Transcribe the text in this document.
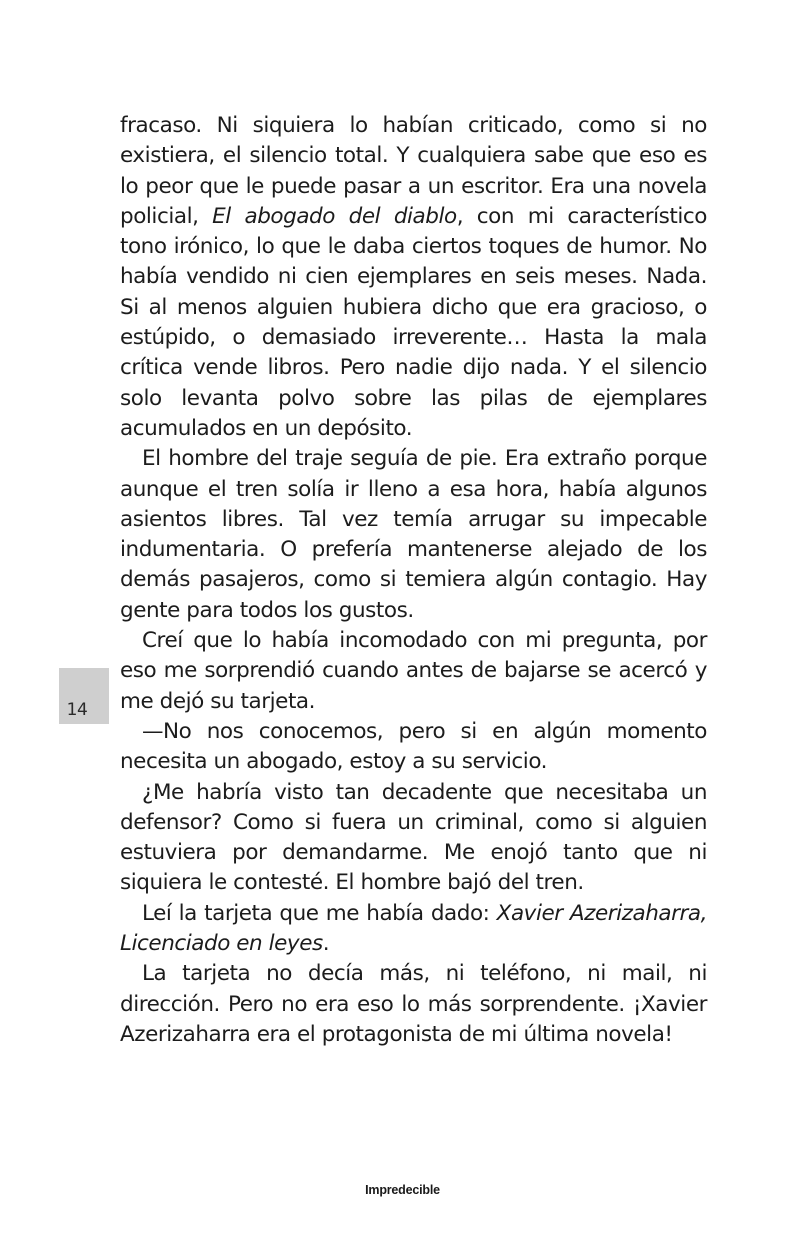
fracaso. Ni siquiera lo habían criticado, como si no existiera, el silencio total. Y cualquiera sabe que eso es lo peor que le puede pasar a un escritor. Era una novela policial, El abogado del diablo, con mi característico tono irónico, lo que le daba ciertos toques de humor. No había vendido ni cien ejemplares en seis meses. Nada. Si al menos alguien hubiera dicho que era gracioso, o estúpido, o demasiado irreverente… Hasta la mala crítica vende libros. Pero nadie dijo nada. Y el silencio solo levanta polvo sobre las pilas de ejemplares acumulados en un depósito.

El hombre del traje seguía de pie. Era extraño porque aunque el tren solía ir lleno a esa hora, había algunos asientos libres. Tal vez temía arrugar su impecable indumentaria. O prefería mantenerse alejado de los demás pasajeros, como si temiera algún contagio. Hay gente para todos los gustos.

Creí que lo había incomodado con mi pregunta, por eso me sorprendió cuando antes de bajarse se acercó y me dejó su tarjeta.

—No nos conocemos, pero si en algún momento necesita un abogado, estoy a su servicio.

¿Me habría visto tan decadente que necesitaba un defensor? Como si fuera un criminal, como si alguien estuviera por demandarme. Me enojó tanto que ni siquiera le contesté. El hombre bajó del tren.

Leí la tarjeta que me había dado: Xavier Azerizaharra, Licenciado en leyes.

La tarjeta no decía más, ni teléfono, ni mail, ni dirección. Pero no era eso lo más sorprendente. ¡Xavier Azerizaharra era el protagonista de mi última novela!

14
Impredecible
